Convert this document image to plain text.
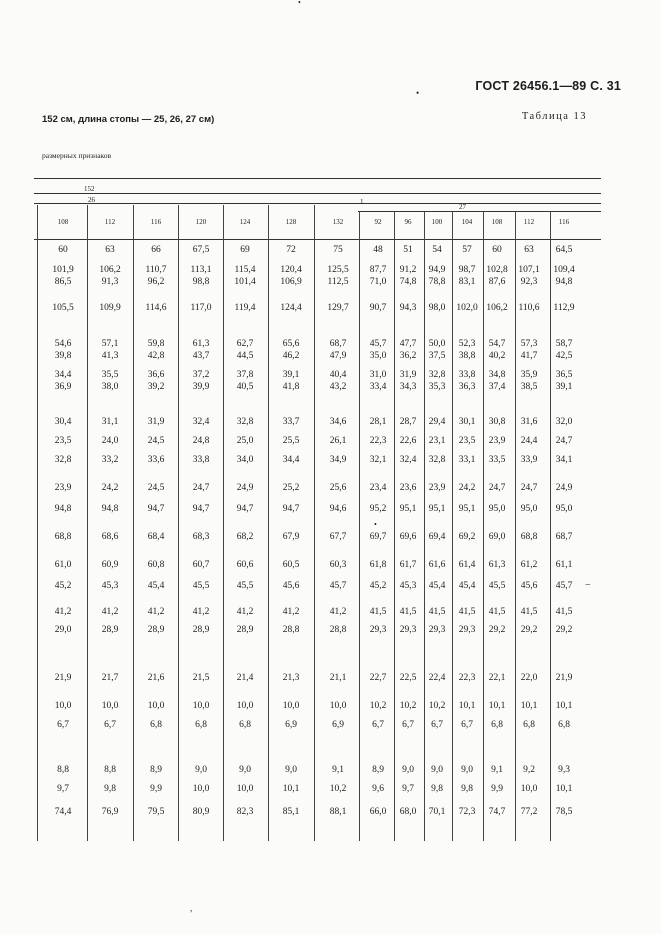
ГОСТ 26456.1—89 С. 31
152 см, длина стопы — 25, 26, 27 см)	Таблица 13
размерных признаков
152
26	1
27
108	112	116	120	124	128	132	92	96	100	104	108	112	116
60	63	66	67,5	69	72	75	48	51	54	57	60	63	64,5
101,9	106,2	110,7	113,1	115,4	120,4	125,5	87,7	91,2	94,9	98,7	102,8	107,1	109,4
86,5	91,3	96,2	98,8	101,4	106,9	112,5	71,0	74,8	78,8	83,1	87,6	92,3	94,8
105,5	109,9	114,6	117,0	119,4	124,4	129,7	90,7	94,3	98,0	102,0 106,2	110,6	112,9
54,6	57,1	59,8	61,3	62,7	65,6	68,7	45,7	47,7	50,0	52,3	54,7	57,3	58,7
39,8	41,3	42,8	43,7	44,5	46,2	47,9	35,0	36,2	37,5	38,8	40,2	41,7	42,5
34,4	35,5	36,6	37,2	37,8	39,1	40,4	31,0	31,9	32,8	33,8	34,8	35,9	36,5
36,9	38,0	39,2	39,9	40,5	41,8	43,2	33,4	34,3	35,3	36,3	37,4	38,5	39,1
30,4	31,1	31,9	32,4	32,8	33,7	34,6	28,1	28,7	29,4	30,1	30,8	31,6	32,0
23,5	24,0	24,5	24,8	25,0	25,5	26,1	22,3	22,6	23,1	23,5	23,9	24,4	24,7
32,8	33,2	33,6	33,8	34,0	34,4	34,9	32,1	32,4	32,8	33,1	33,5	33,9	34,1
23,9	24,2	24,5	24,7	24,9	25,2	25,6	23,4	23,6	23,9	24,2	24,7	24,7	24,9
94,8	94,8	94,7	94,7	94,7	94,7	94,6	95,2	95,1	95,1	95,1	95,0	95,0	95,0
68,8	68,6	68,4	68,3	68,2	67,9	67,7	69,7	69,6	69,4	69,2	69,0	68,8	68,7
61,0	60,9	60,8	60,7	60,6	60,5	60,3	61,8	61,7	61,6	61,4	61,3	61,2	61,1
45,2	45,3	45,4	45,5	45,5	45,6	45,7	45,2	45,3	45,4	45,4	45,5	45,6	45,7
41,2	41,2	41,2	41,2	41,2	41,2	41,2	41,5	41,5	41,5	41,5	41,5	41,5	41,5
29,0	28,9	28,9	28,9	28,9	28,8	28,8	29,3	29,3	29,3	29,3	29,2	29,2	29,2
21,9	21,7	21,6	21,5	21,4	21,3	21,1	22,7	22,5	22,4	22,3	22,1	22,0	21,9
10,0	10,0	10,0	10,0	10,0	10,0	10,0	10,2	10,2	10,2	10,1	10,1	10,1	10,1
6,7	6,7	6,8	6,8	6,8	6,9	6,9	6,7	6,7	6,7	6,7	6,8	6,8	6,8
8,8	8,8	8,9	9,0	9,0	9,0	9,1	8,9	9,0	9,0	9,0	9,1	9,2	9,3
9,7	9,8	9,9	10,0	10,0	10,1	10,2	9,6	9,7	9,8	9,8	9,9	10,0	10,1
74,4	76,9	79,5	80,9	82,3	85,1	88,1	66,0	68,0	70,1	72,3	74,7	77,2	78,5
•
•
•
−
,
